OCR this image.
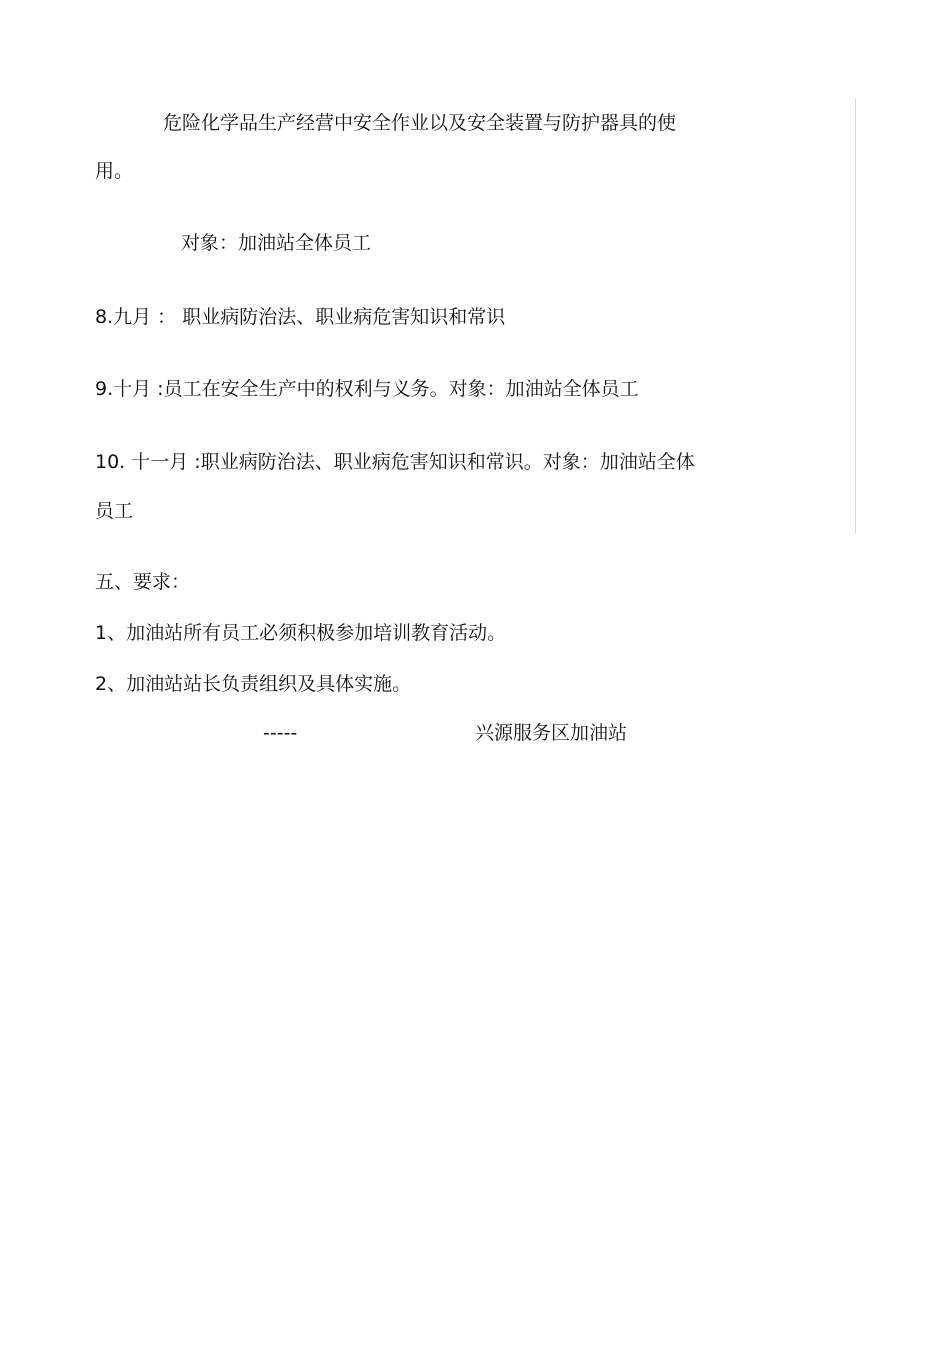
危险化学品生产经营中安全作业以及安全装置与防护器具的使
用。
对象：加油站全体员工
8.九月 ： 职业病防治法、职业病危害知识和常识
9.十月 :员工在安全生产中的权利与义务。对象：加油站全体员工
10. 十一月 :职业病防治法、职业病危害知识和常识。对象：加油站全体
员工
五、要求：
1、加油站所有员工必须积极参加培训教育活动。
2、加油站站长负责组织及具体实施。
-----	兴源服务区加油站
